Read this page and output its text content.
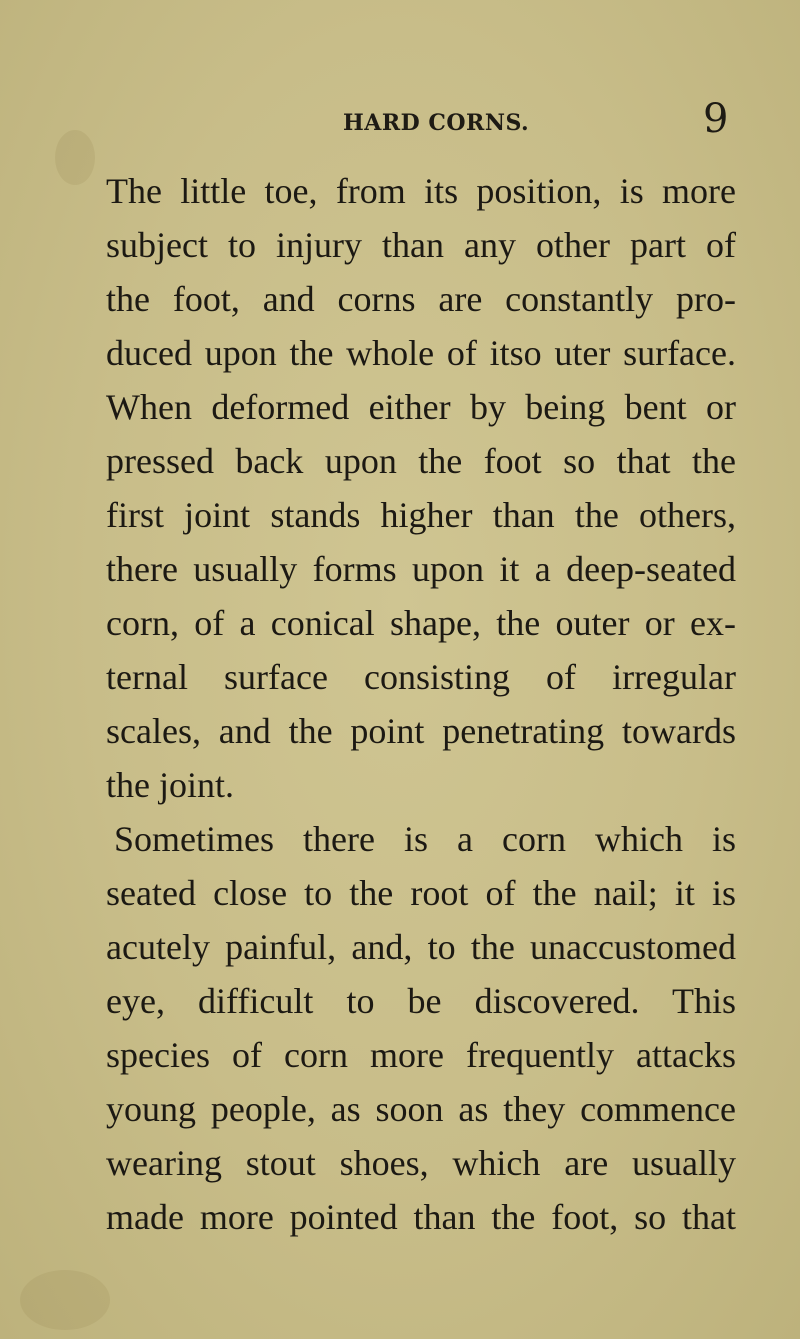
HARD CORNS.	9
The little toe, from its position, is more
subject to injury than any other part of
the foot, and corns are constantly pro-
duced upon the whole of itso uter surface.
When deformed either by being bent or
pressed back upon the foot so that the
first joint stands higher than the others,
there usually forms upon it a deep-seated
corn, of a conical shape, the outer or ex-
ternal surface consisting of irregular
scales, and the point penetrating towards
the joint.
Sometimes there is a corn which is
seated close to the root of the nail; it is
acutely painful, and, to the unaccustomed
eye, difficult to be discovered. This
species of corn more frequently attacks
young people, as soon as they commence
wearing stout shoes, which are usually
made more pointed than the foot, so that
